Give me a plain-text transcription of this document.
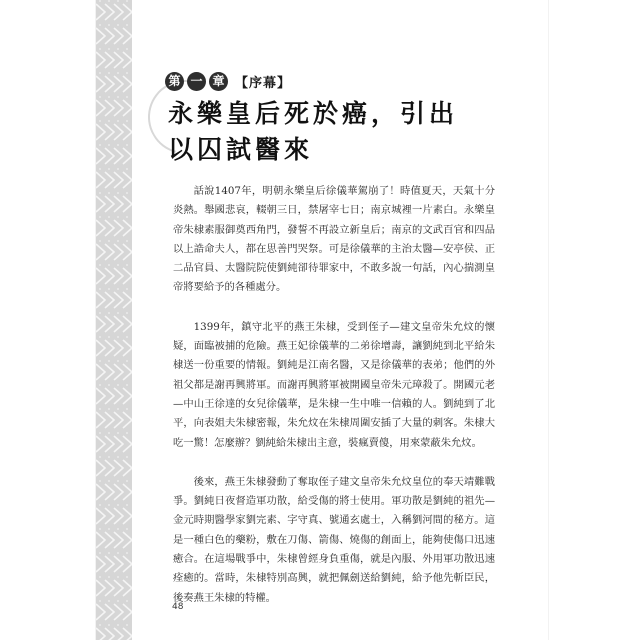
第 一 章 【序幕】
永樂皇后死於癌，引出
以囚試醫來

話說1407年，明朝永樂皇后徐儀華駕崩了！時值夏天，天氣十分炎熱。舉國悲哀，輟朝三日，禁屠宰七日；南京城裡一片素白。永樂皇帝朱棣素服御奠西角門，發誓不再設立新皇后；南京的文武百官和四品以上誥命夫人，都在思善門哭祭。可是徐儀華的主治太醫—安亭侯、正二品官員、太醫院院使劉純卻待罪家中，不敢多說一句話，內心揣測皇帝將要給予的各種處分。

1399年，鎮守北平的燕王朱棣，受到侄子—建文皇帝朱允炆的懷疑，面臨被捕的危險。燕王妃徐儀華的二弟徐增壽，讓劉純到北平給朱棣送一份重要的情報。劉純是江南名醫，又是徐儀華的表弟；他們的外祖父都是謝再興將軍。而謝再興將軍被開國皇帝朱元璋殺了。開國元老—中山王徐達的女兒徐儀華，是朱棣一生中唯一信賴的人。劉純到了北平，向表姐夫朱棣密報，朱允炆在朱棣周圍安插了大量的刺客。朱棣大吃一驚！怎麼辦？劉純給朱棣出主意，裝瘋賣傻，用來蒙蔽朱允炆。

後來，燕王朱棣發動了奪取侄子建文皇帝朱允炆皇位的奉天靖難戰爭。劉純日夜督造軍功散，給受傷的將士使用。軍功散是劉純的祖先—金元時期醫學家劉完素、字守真、號通玄處士，入稱劉河間的秘方。這是一種白色的藥粉，敷在刀傷、箭傷、燒傷的創面上，能夠使傷口迅速癒合。在這場戰爭中，朱棣曾經身負重傷，就是內服、外用軍功散迅速痊癒的。當時，朱棣特別高興，就把佩劍送給劉純，給予他先斬臣民，後奏燕王朱棣的特權。

48
